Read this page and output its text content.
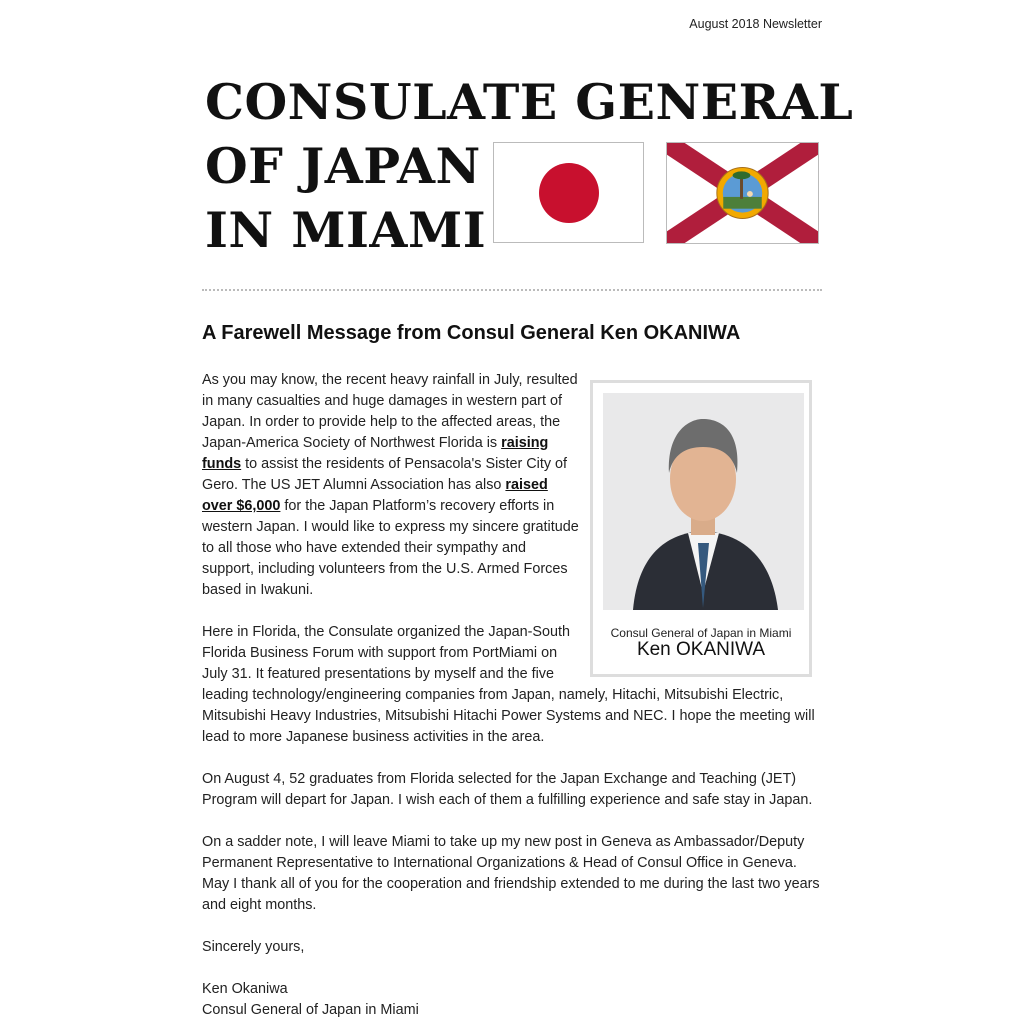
August 2018 Newsletter
CONSULATE GENERAL
OF JAPAN
IN MIAMI
A Farewell Message from Consul General Ken OKANIWA
Consul General of Japan in Miami
Ken OKANIWA

As you may know, the recent heavy rainfall in July, resulted in many casualties and huge damages in western part of Japan. In order to provide help to the affected areas, the Japan-America Society of Northwest Florida is raising funds to assist the residents of Pensacola's Sister City of Gero. The US JET Alumni Association has also raised over $6,000 for the Japan Platform’s recovery efforts in western Japan. I would like to express my sincere gratitude to all those who have extended their sympathy and support, including volunteers from the U.S. Armed Forces based in Iwakuni.

Here in Florida, the Consulate organized the Japan-South Florida Business Forum with support from PortMiami on July 31. It featured presentations by myself and the five leading technology/engineering companies from Japan, namely, Hitachi, Mitsubishi Electric, Mitsubishi Heavy Industries, Mitsubishi Hitachi Power Systems and NEC. I hope the meeting will lead to more Japanese business activities in the area.

On August 4, 52 graduates from Florida selected for the Japan Exchange and Teaching (JET) Program will depart for Japan. I wish each of them a fulfilling experience and safe stay in Japan.

On a sadder note, I will leave Miami to take up my new post in Geneva as Ambassador/Deputy Permanent Representative to International Organizations & Head of Consul Office in Geneva. May I thank all of you for the cooperation and friendship extended to me during the last two years and eight months.

Sincerely yours,

Ken Okaniwa
Consul General of Japan in Miami
